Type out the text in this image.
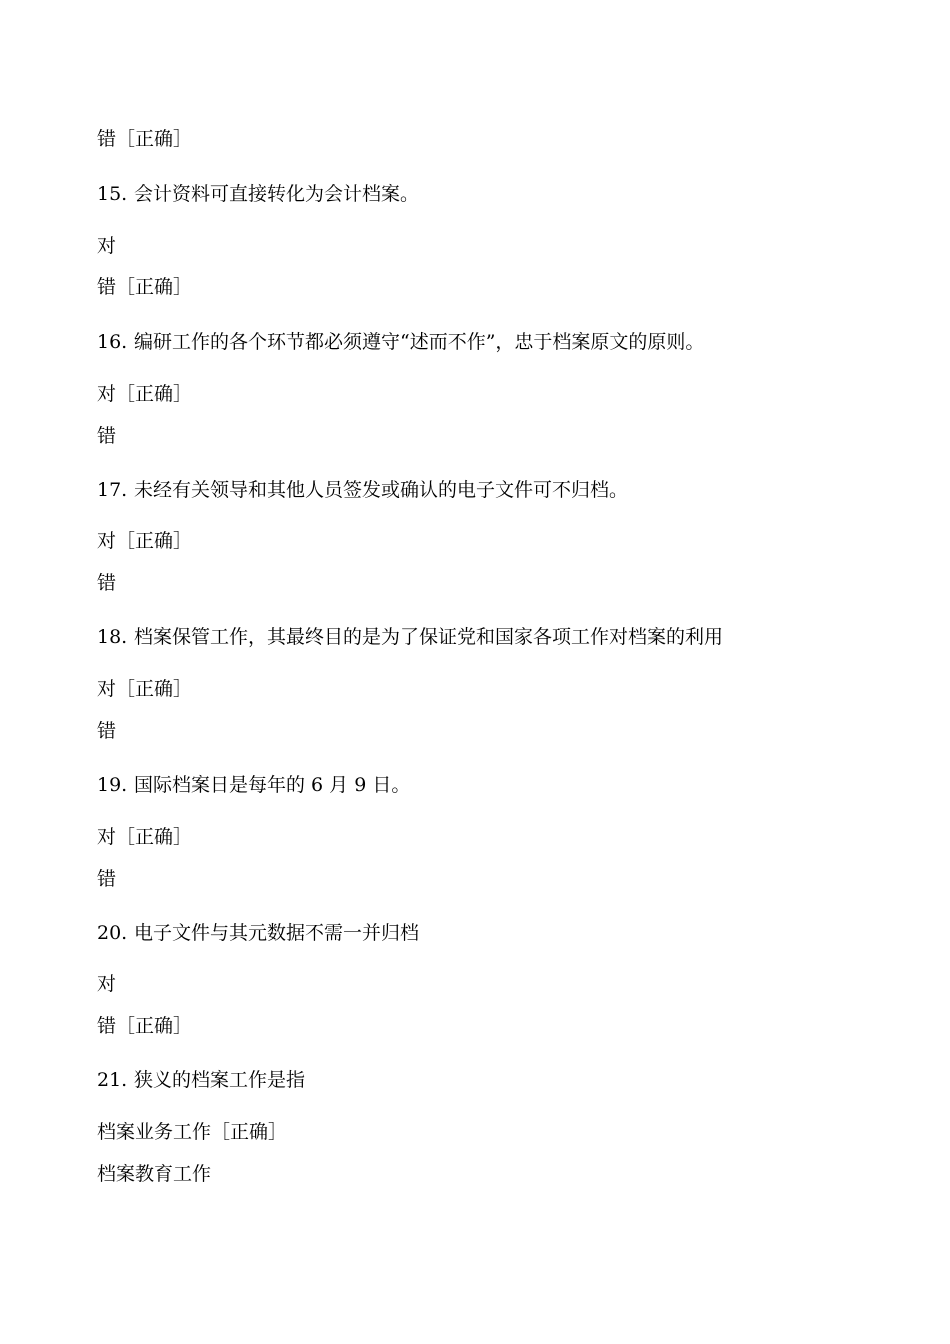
错［正确］
15. 会计资料可直接转化为会计档案。
对
错［正确］
16. 编研工作的各个环节都必须遵守“述而不作”，忠于档案原文的原则。
对［正确］
错
17. 未经有关领导和其他人员签发或确认的电子文件可不归档。
对［正确］
错
18. 档案保管工作，其最终目的是为了保证党和国家各项工作对档案的利用
对［正确］
错
19. 国际档案日是每年的 6 月 9 日。
对［正确］
错
20. 电子文件与其元数据不需一并归档
对
错［正确］
21. 狭义的档案工作是指
档案业务工作［正确］
档案教育工作
